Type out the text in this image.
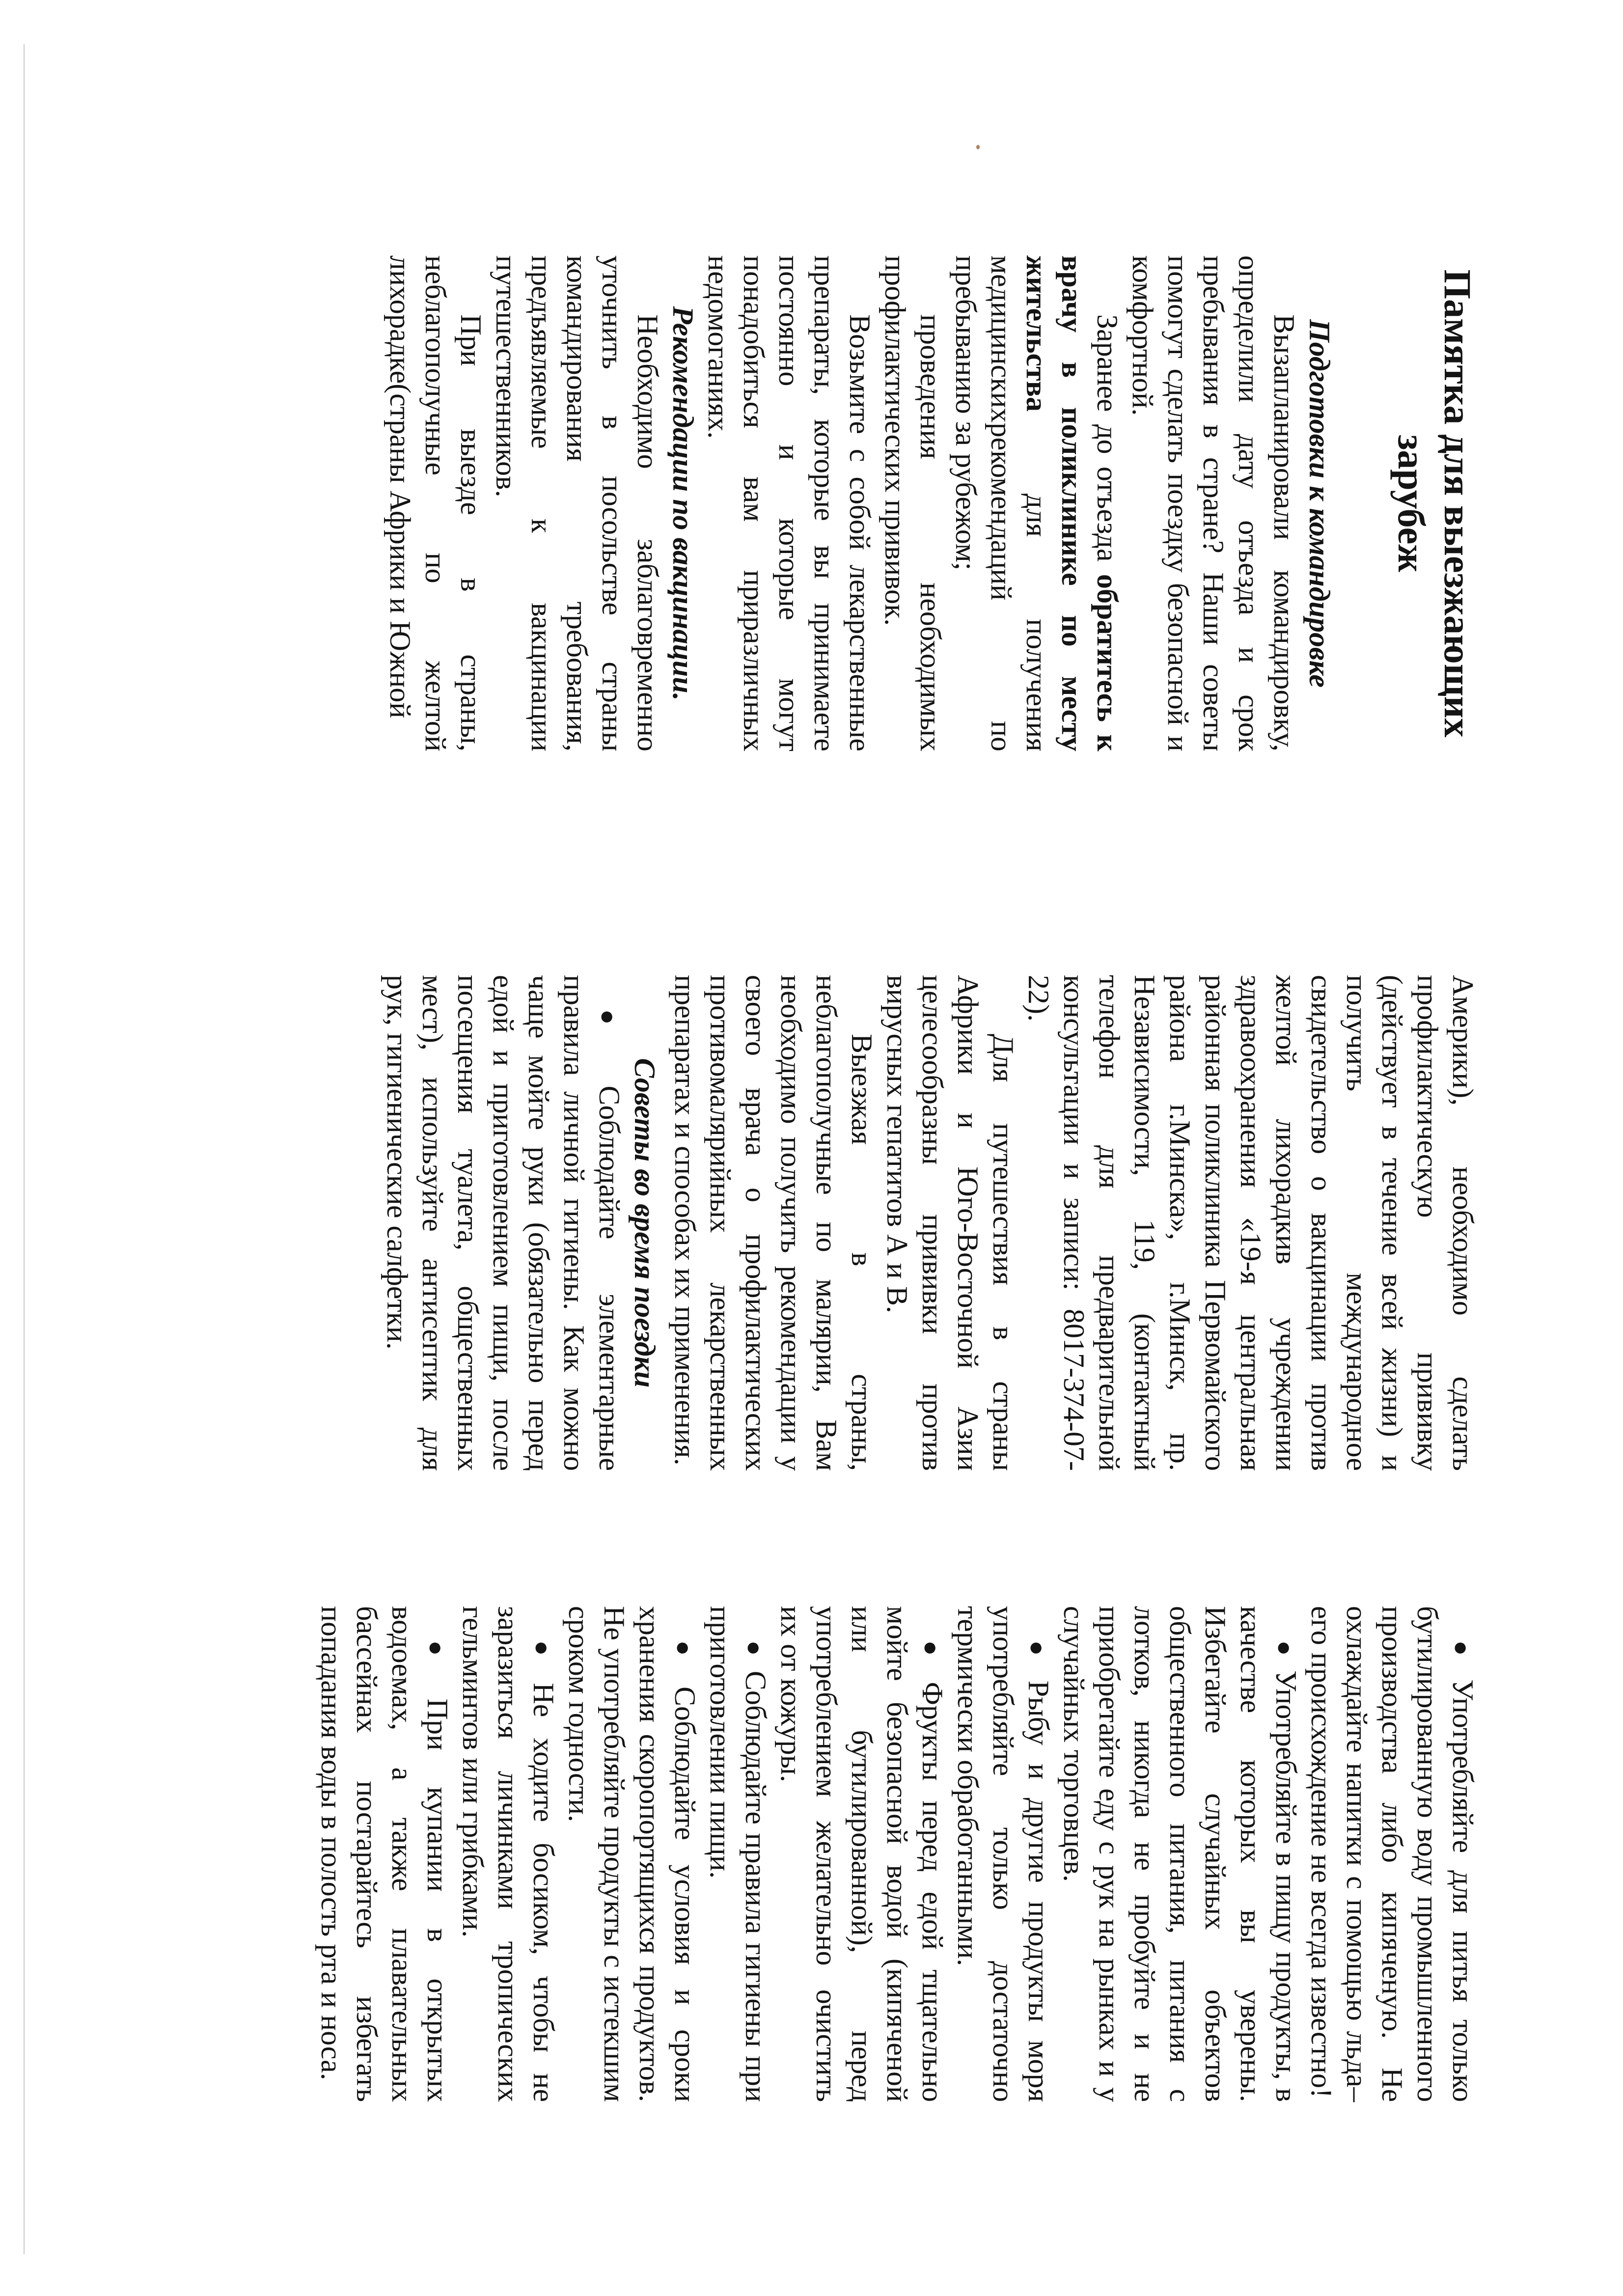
Памятка для выезжающих зарубеж
Подготовки к командировке

Вызапланировали командировку, определили дату отъезда и срок пребывания в стране? Наши советы помогут сделать поездку безопасной и комфортной.

Заранее до отъезда обратитесь к врачу в поликлинике по месту жительства для получения медицинскихрекомендаций по пребыванию за рубежом;

проведения необходимых профилактических прививок.

Возьмите с собой лекарственные препараты, которые вы принимаете постоянно и которые могут понадобиться вам приразличных недомоганиях.

Рекомендации по вакцинации.

Необходимо заблаговременно уточнить в посольстве страны командирования требования, предъявляемые к вакцинации путешественников.

При выезде в страны, неблагополучные по желтой лихорадке(страны Африки и Южной

Америки), необходимо сделать профилактическую прививку (действует в течение всей жизни) и получить международное свидетельство о вакцинации против желтой лихорадкив учреждении здравоохранения «19-я центральная районная поликлиника Первомайского района г.Минска», г.Минск, пр. Независимости, 119, (контактный телефон для предварительной консультации и записи: 8017-374-07-22).

Для путешествия в страны Африки и Юго-Восточной Азии целесообразны прививки против вирусных гепатитов А и В.

Выезжая в страны, неблагополучные по малярии, Вам необходимо получить рекомендации у своего врача о профилактических противомалярийных лекарственных препаратах и способах их применения.

Советы во время поездки
●Соблюдайте элементарные правила личной гигиены. Как можно чаще мойте руки (обязательно перед едой и приготовлением пищи, после посещения туалета, общественных мест), используйте антисептик для рук, гигиенические салфетки.
●Употребляйте для питья только бутилированную воду промышленного производства либо кипяченую. Не охлаждайте напитки с помощью льда– его происхождение не всегда известно!
●Употребляйте в пищу продукты, в качестве которых вы уверены. Избегайте случайных объектов общественного питания, питания с лотков, никогда не пробуйте и не приобретайте еду с рук на рынках и у случайных торговцев.
●Рыбу и другие продукты моря употребляйте только достаточно термически обработанными.
●Фрукты перед едой тщательно мойте безопасной водой (кипяченой или бутилированной), перед употреблением желательно очистить их от кожуры.
●Соблюдайте правила гигиены при приготовлении пищи.
●Соблюдайте условия и сроки хранения скоропортящихся продуктов. Не употребляйте продукты с истекшим сроком годности.
●Не ходите босиком, чтобы не заразиться личинками тропических гельминтов или грибками.
●При купании в открытых водоемах, а также плавательных бассейнах постарайтесь избегать попадания воды в полость рта и носа.
